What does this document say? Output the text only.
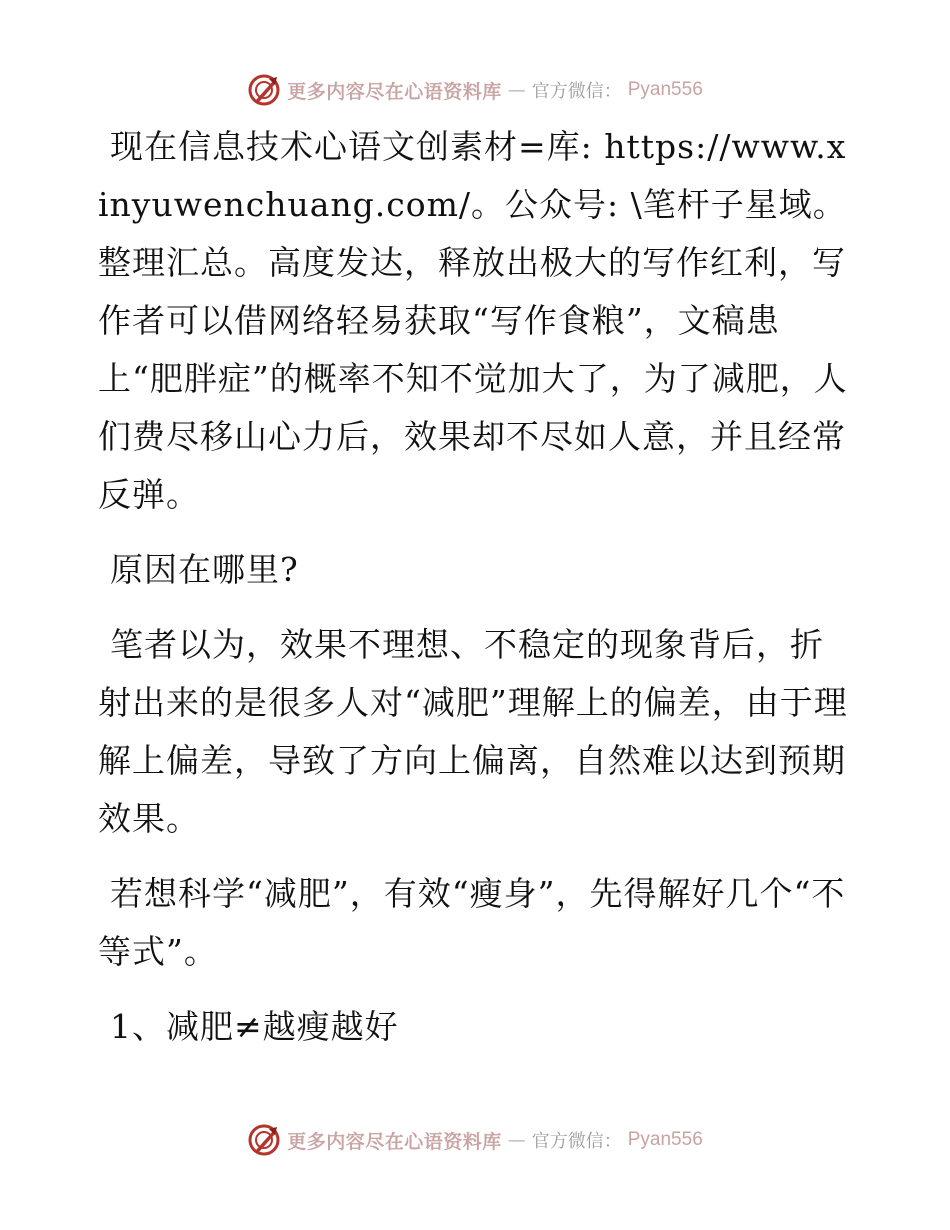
更多内容尽在心语资料库 — 官方微信： Pyan556

现在信息技术心语文创素材=库: https://www.xinyuwenchuang.com/。公众号: \笔杆子星域。整理汇总。高度发达，释放出极大的写作红利，写作者可以借网络轻易获取“写作食粮”，文稿患上“肥胖症”的概率不知不觉加大了，为了减肥，人们费尽移山心力后，效果却不尽如人意，并且经常反弹。

原因在哪里?

笔者以为，效果不理想、不稳定的现象背后，折射出来的是很多人对“减肥”理解上的偏差，由于理解上偏差，导致了方向上偏离，自然难以达到预期效果。

若想科学“减肥”，有效“瘦身”，先得解好几个“不等式”。

1、减肥≠越瘦越好

更多内容尽在心语资料库 — 官方微信： Pyan556
